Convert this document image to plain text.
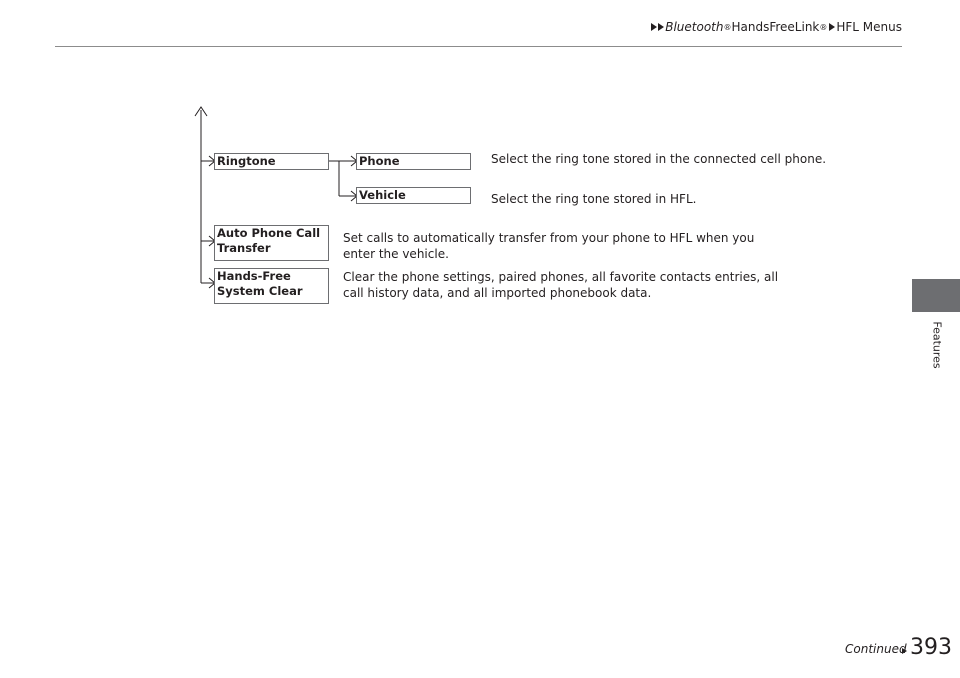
Bluetooth ® HandsFreeLink ® HFL Menus
Features
Ringtone	Phone
Vehicle
Auto Phone Call
Transfer
Hands-Free
System Clear
Select the ring tone stored in the connected cell phone.
Select the ring tone stored in HFL.
Set calls to automatically transfer from your phone to HFL when you
enter the vehicle.
Clear the phone settings, paired phones, all favorite contacts entries, all
call history data, and all imported phonebook data.
Continued 393
